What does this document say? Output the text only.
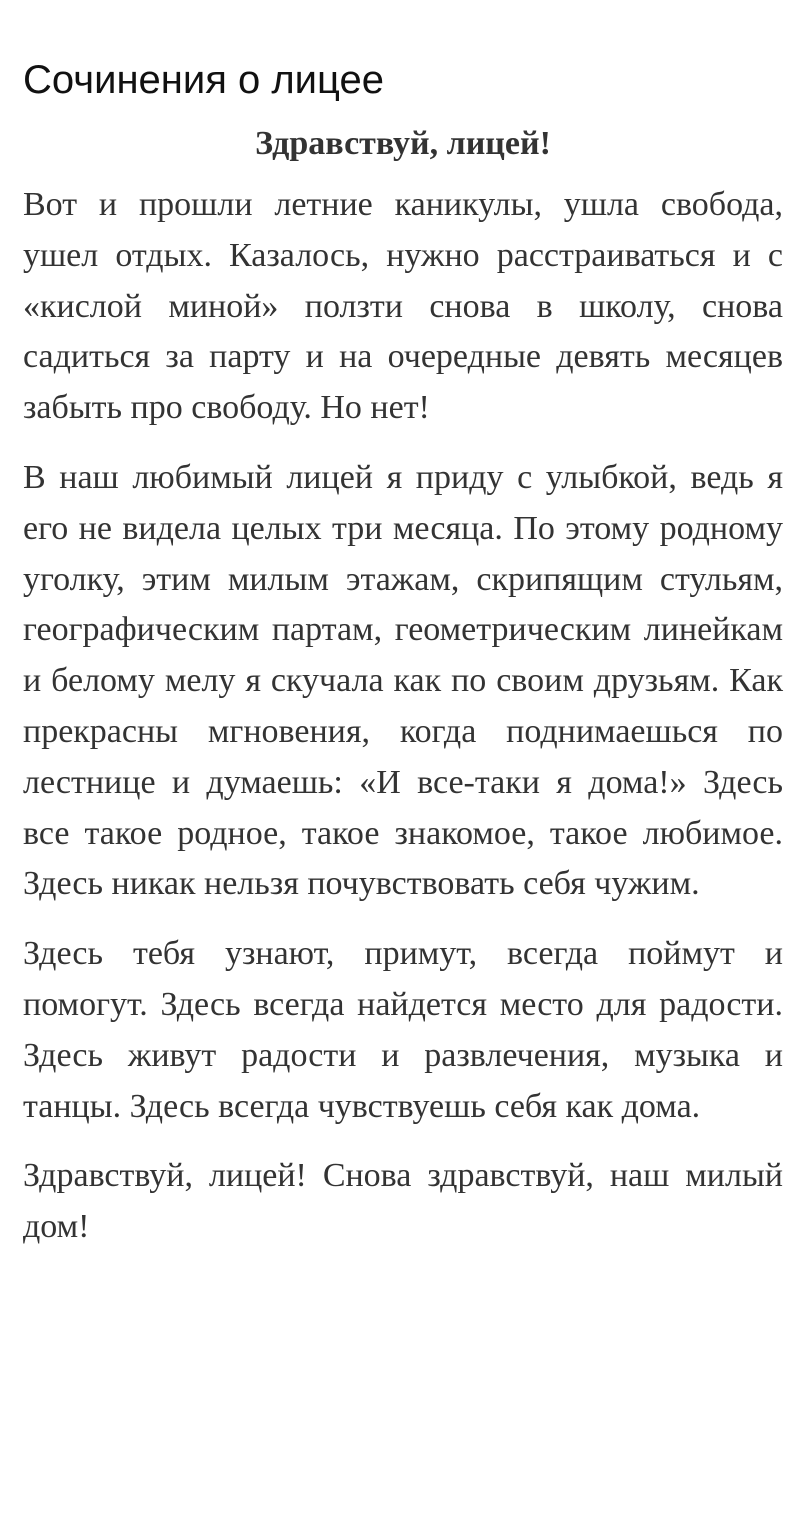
Сочинения о лицее
Здравствуй, лицей!

Вот и прошли летние каникулы, ушла свобода, ушел отдых. Казалось, нужно расстраиваться и с «кислой миной» ползти снова в школу, снова садиться за парту и на очередные девять месяцев забыть про свободу. Но нет!

В наш любимый лицей я приду с улыбкой, ведь я его не видела целых три месяца. По этому родному уголку, этим милым этажам, скрипящим стульям, географическим партам, геометрическим линейкам и белому мелу я скучала как по своим друзьям. Как прекрасны мгновения, когда поднимаешься по лестнице и думаешь: «И все-таки я дома!» Здесь все такое родное, такое знакомое, такое любимое. Здесь никак нельзя почувствовать себя чужим.

Здесь тебя узнают, примут, всегда поймут и помогут. Здесь всегда найдется место для радости. Здесь живут радости и развлечения, музыка и танцы. Здесь всегда чувствуешь себя как дома.

Здравствуй, лицей! Снова здравствуй, наш милый дом!
